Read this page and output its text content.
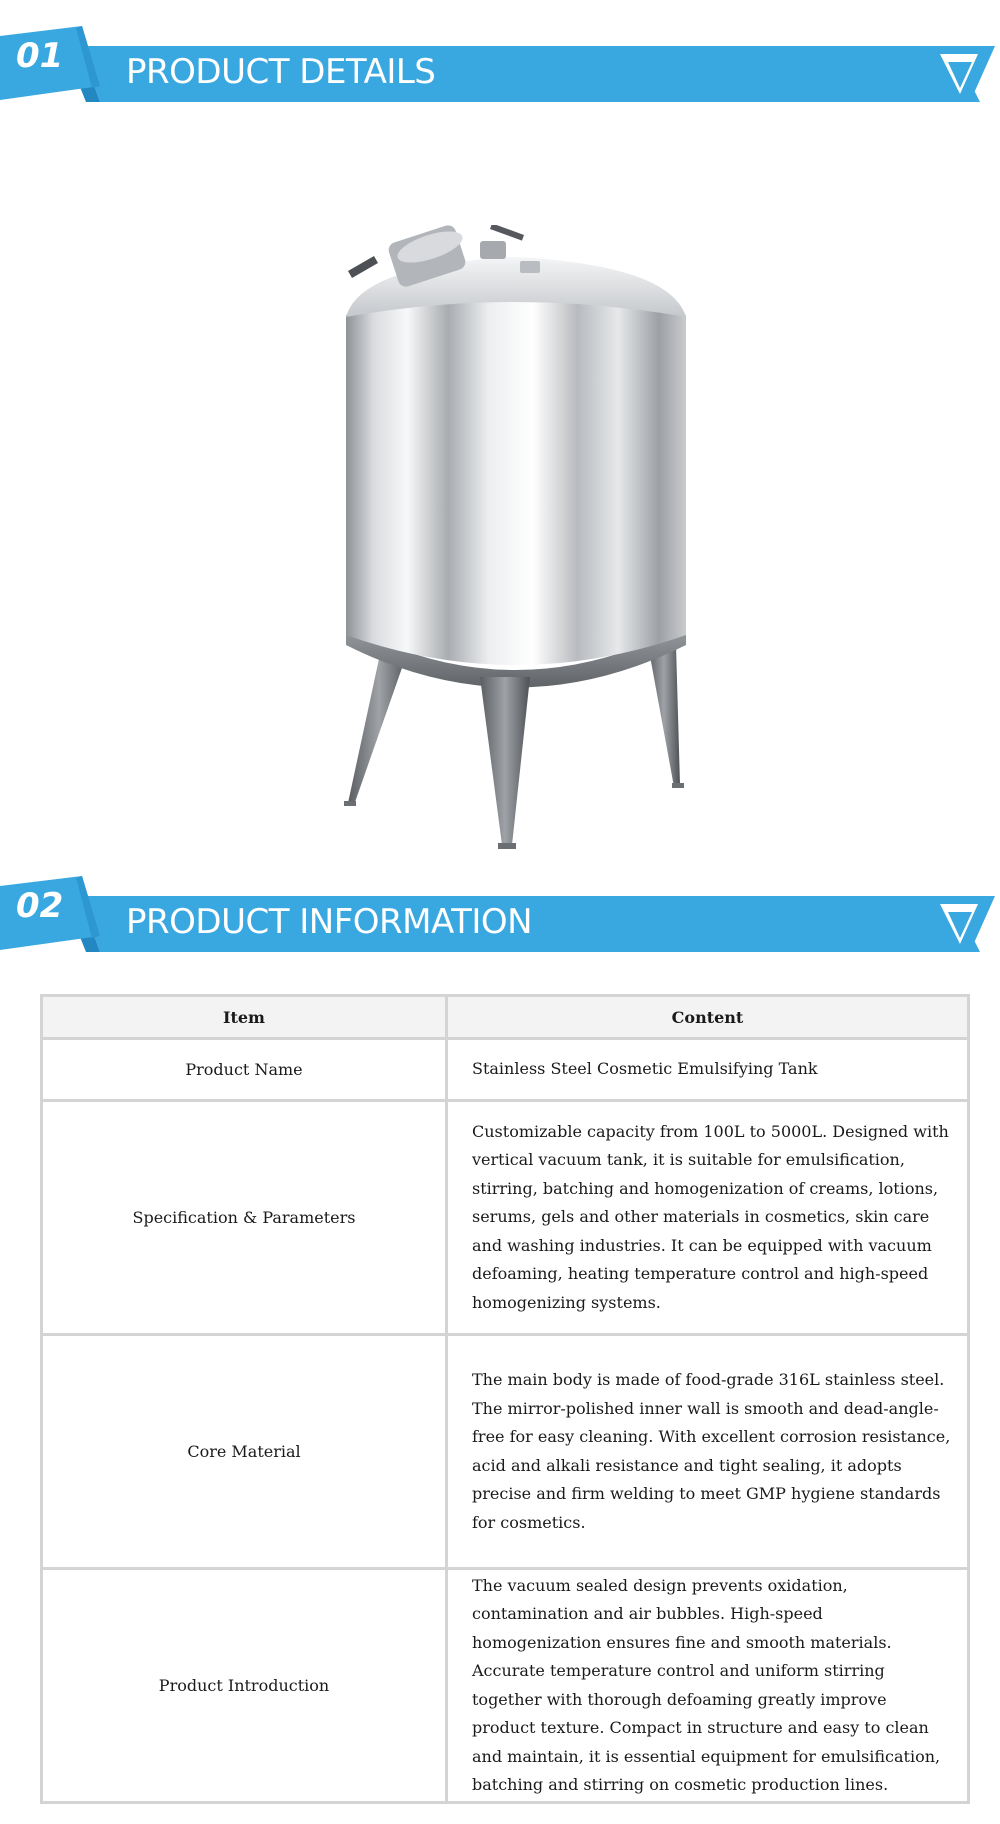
01 PRODUCT DETAILS
02 PRODUCT INFORMATION
Item	Content
Product Name	Stainless Steel Cosmetic Emulsifying Tank
Specification & Parameters	Customizable capacity from 100L to 5000L. Designed with vertical vacuum tank, it is suitable for emulsification, stirring, batching and homogenization of creams, lotions, serums, gels and other materials in cosmetics, skin care and washing industries. It can be equipped with vacuum defoaming, heating temperature control and high-speed homogenizing systems.
Core Material	The main body is made of food-grade 316L stainless steel. The mirror-polished inner wall is smooth and dead-angle-free for easy cleaning. With excellent corrosion resistance, acid and alkali resistance and tight sealing, it adopts precise and firm welding to meet GMP hygiene standards for cosmetics.
Product Introduction	The vacuum sealed design prevents oxidation, contamination and air bubbles. High-speed homogenization ensures fine and smooth materials. Accurate temperature control and uniform stirring together with thorough defoaming greatly improve product texture. Compact in structure and easy to clean and maintain, it is essential equipment for emulsification, batching and stirring on cosmetic production lines.
